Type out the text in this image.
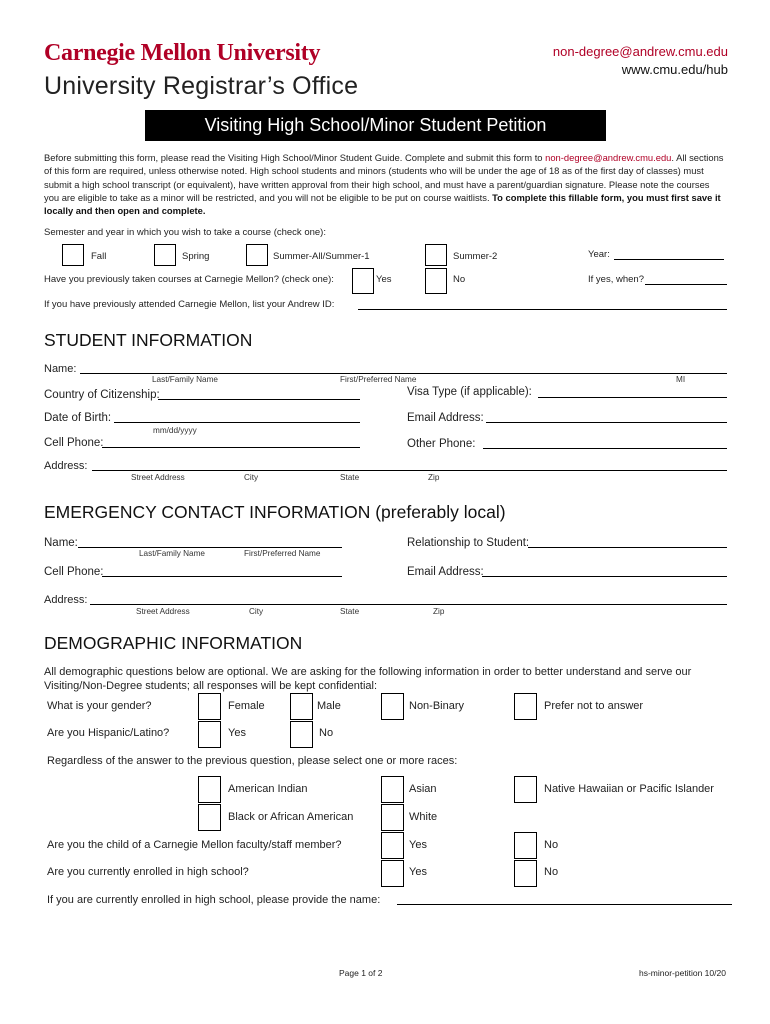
Carnegie Mellon University
University Registrar’s Office
non-degree@andrew.cmu.edu
www.cmu.edu/hub
Visiting High School/Minor Student Petition
Before submitting this form, please read the Visiting High School/Minor Student Guide. Complete and submit this form to non-degree@andrew.cmu.edu. All sections of this form are required, unless otherwise noted. High school students and minors (students who will be under the age of 18 as of the first day of classes) must submit a high school transcript (or equivalent), have written approval from their high school, and must have a parent/guardian signature. Please note the courses you are eligible to take as a minor will be restricted, and you will not be eligible to be put on course waitlists. To complete this fillable form, you must first save it locally and then open and complete.
Semester and year in which you wish to take a course (check one):
Fall	Spring	Summer-All/Summer-1	Summer-2	Year:
Have you previously taken courses at Carnegie Mellon? (check one):	Yes	No	If yes, when?
If you have previously attended Carnegie Mellon, list your Andrew ID:
STUDENT INFORMATION
Name:
Last/Family Name	First/Preferred Name	MI
Country of Citizenship:	Visa Type (if applicable):
Date of Birth:
mm/dd/yyyy
Email Address:
Cell Phone:	Other Phone:
Address:
Street Address	City	State	Zip
EMERGENCY CONTACT INFORMATION (preferably local)
Name:
Last/Family Name	First/Preferred Name
Relationship to Student:
Cell Phone:	Email Address:
Address:
Street Address	City	State	Zip
DEMOGRAPHIC INFORMATION
All demographic questions below are optional. We are asking for the following information in order to better understand and serve our Visiting/Non-Degree students; all responses will be kept confidential:
What is your gender?	Female	Male	Non-Binary	Prefer not to answer
Are you Hispanic/Latino?	Yes	No
Regardless of the answer to the previous question, please select one or more races:
American Indian	Asian	Native Hawaiian or Pacific Islander
Black or African American	White
Are you the child of a Carnegie Mellon faculty/staff member?	Yes	No
Are you currently enrolled in high school?	Yes	No
If you are currently enrolled in high school, please provide the name:
Page 1 of 2	hs-minor-petition 10/20
